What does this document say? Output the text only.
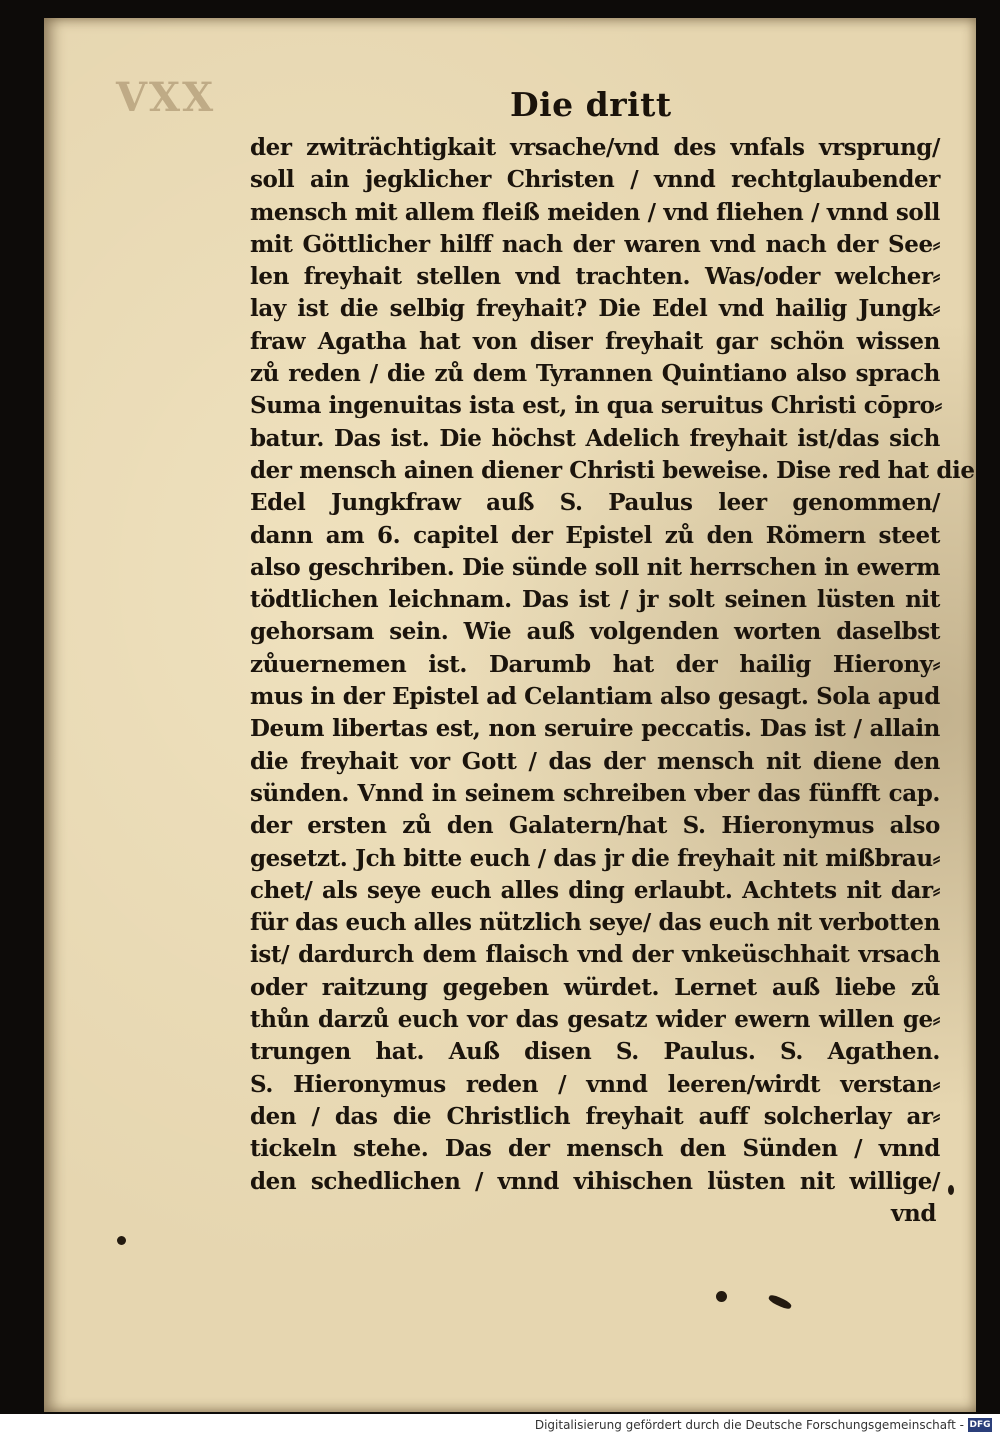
VXX	Die dritt
der zwiträchtigkait vrsache/vnd des vnfals vrsprung/
soll ain jegklicher Christen / vnnd rechtglaubender
mensch mit allem fleiß meiden / vnd fliehen / vnnd soll
mit Göttlicher hilff nach der waren vnd nach der See⸗
len freyhait stellen vnd trachten. Was/oder welcher⸗
lay ist die selbig freyhait? Die Edel vnd hailig Jungk⸗
fraw Agatha hat von diser freyhait gar schön wissen
zů reden / die zů dem Tyrannen Quintiano also sprach
Suma ingenuitas ista est, in qua seruitus Christi cōpro⸗
batur. Das ist. Die höchst Adelich freyhait ist/das sich
der mensch ainen diener Christi beweise. Dise red hat die
Edel Jungkfraw auß S. Paulus leer genommen/
dann am 6. capitel der Epistel zů den Römern steet
also geschriben. Die sünde soll nit herrschen in ewerm
tödtlichen leichnam. Das ist / jr solt seinen lüsten nit
gehorsam sein. Wie auß volgenden worten daselbst
zůuernemen ist. Darumb hat der hailig Hierony⸗
mus in der Epistel ad Celantiam also gesagt. Sola apud
Deum libertas est, non seruire peccatis. Das ist / allain
die freyhait vor Gott / das der mensch nit diene den
sünden. Vnnd in seinem schreiben vber das fünfft cap.
der ersten zů den Galatern/hat S. Hieronymus also
gesetzt. Jch bitte euch / das jr die freyhait nit mißbrau⸗
chet/ als seye euch alles ding erlaubt. Achtets nit dar⸗
für das euch alles nützlich seye/ das euch nit verbotten
ist/ dardurch dem flaisch vnd der vnkeüschhait vrsach
oder raitzung gegeben würdet. Lernet auß liebe zů
thůn darzů euch vor das gesatz wider ewern willen ge⸗
trungen hat. Auß disen S. Paulus. S. Agathen.
S. Hieronymus reden / vnnd leeren/wirdt verstan⸗
den / das die Christlich freyhait auff solcherlay ar⸗
tickeln stehe. Das der mensch den Sünden / vnnd
den schedlichen / vnnd vihischen lüsten nit willige/
vnd
Digitalisierung gefördert durch die Deutsche Forschungsgemeinschaft - DFG
